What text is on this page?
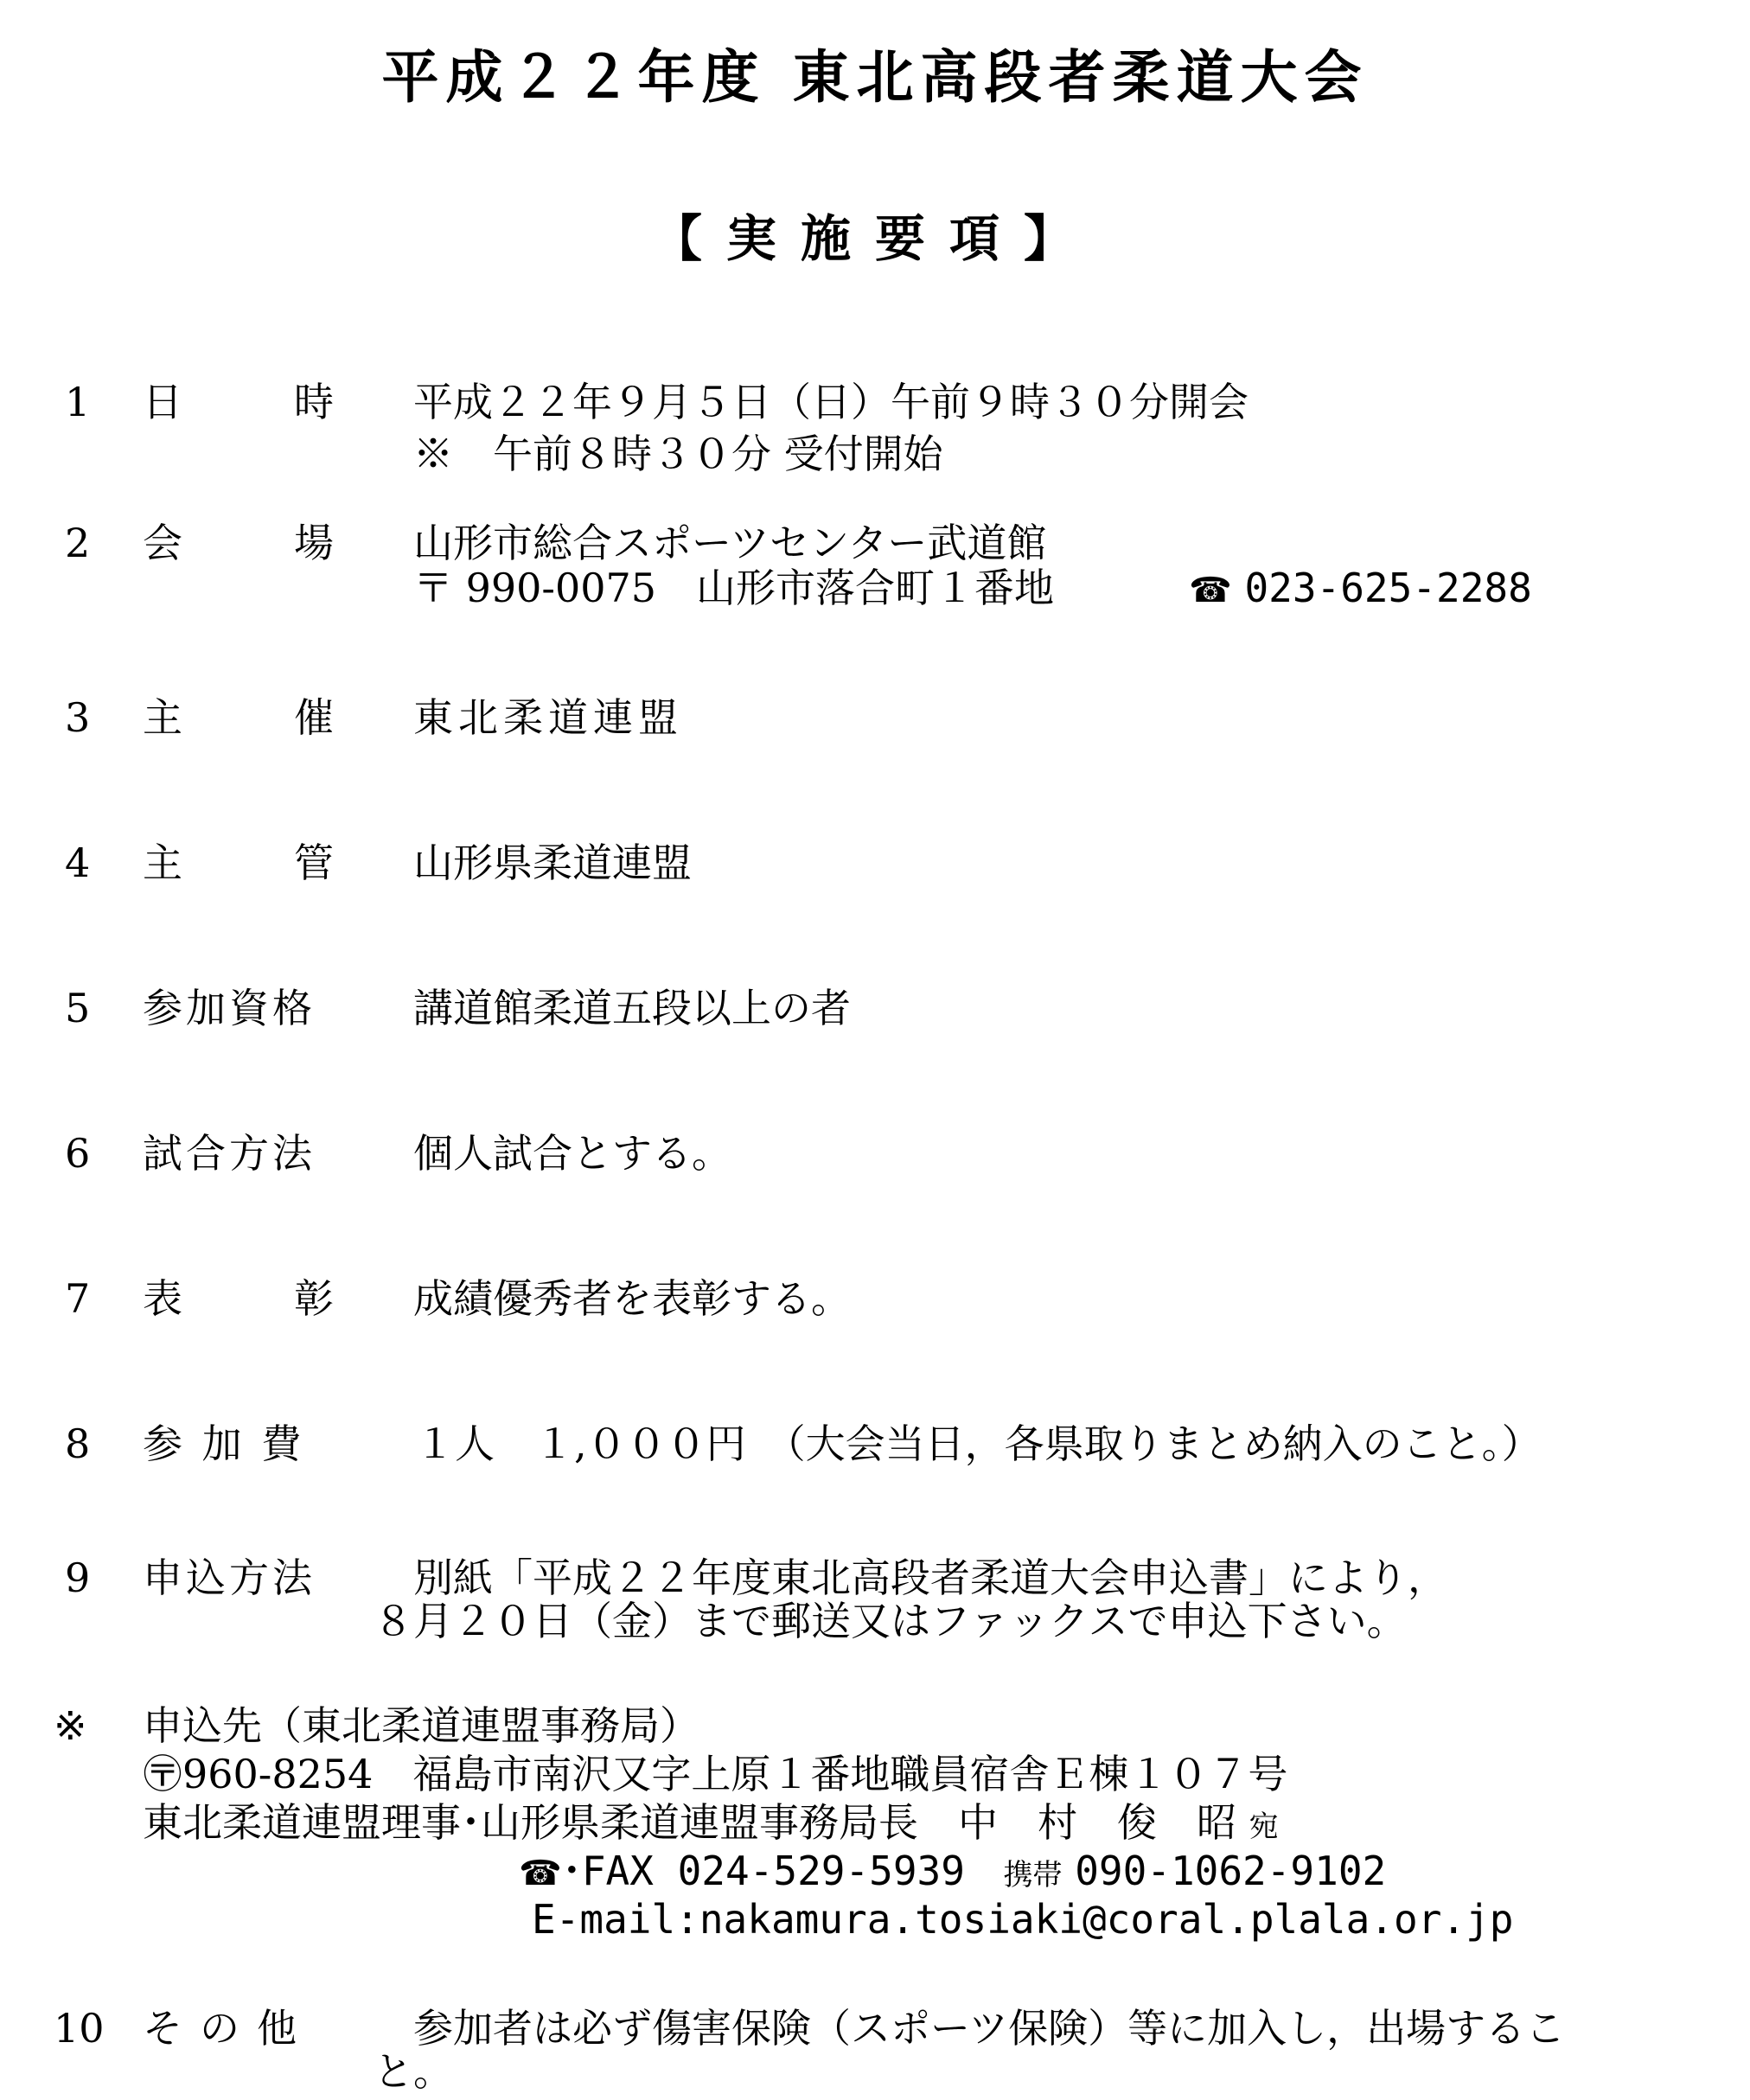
平成２２年度 東北高段者柔道大会
【実施要項】
1 日	時 平成２２年９月５日（日）午前９時３０分開会
※　午前８時３０分 受付開始
2 会	場 山形市総合スポーツセンター武道館
〒 990-0075　山形市落合町１番地	☎ 023-625-2288
3 主	催 東北柔道連盟
4 主	管 山形県柔道連盟
5 参加資格 講道館柔道五段以上の者
6 試合方法 個人試合とする。
7 表	彰 成績優秀者を表彰する。
8 参 加 費	１人　１,０００円　（大会当日，各県取りまとめ納入のこと。）
9 申込方法 別紙「平成２２年度東北高段者柔道大会申込書」により，
８月２０日（金）まで郵送又はファックスで申込下さい。
※ 申込先（東北柔道連盟事務局）
〶960-8254　福島市南沢又字上原１番地職員宿舎Ｅ棟１０７号
東北柔道連盟理事･山形県柔道連盟事務局長　中　村　俊　昭 宛
☎･FAX 024-529-5939 携帯 090-1062-9102
E-mail:nakamura.tosiaki@coral.plala.or.jp
10 その他	参加者は必ず傷害保険（スポーツ保険）等に加入し，出場するこ
と。
